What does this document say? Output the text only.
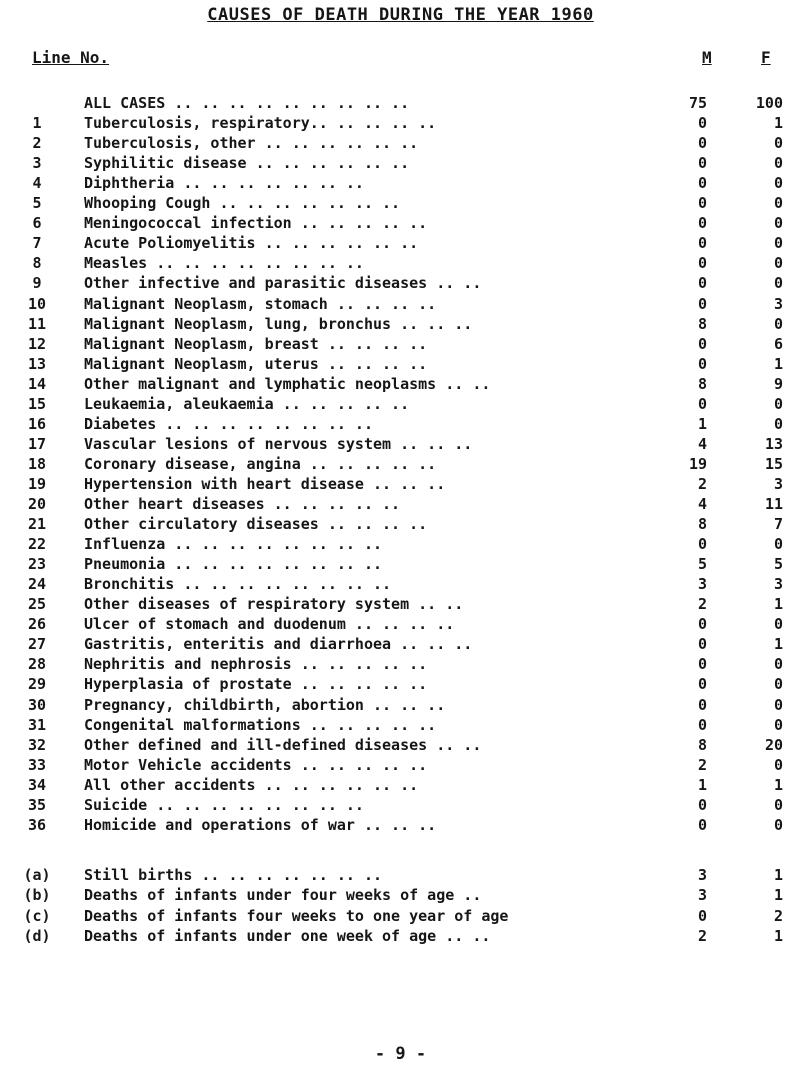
CAUSES OF DEATH DURING THE YEAR 1960
Line No.	M	F
ALL CASES .. .. .. .. .. .. .. .. ..	75	100
1	Tuberculosis, respiratory.. .. .. .. ..	0	1
2	Tuberculosis, other .. .. .. .. .. ..	0	0
3	Syphilitic disease .. .. .. .. .. ..	0	0
4	Diphtheria .. .. .. .. .. .. ..	0	0
5	Whooping Cough .. .. .. .. .. .. ..	0	0
6	Meningococcal infection .. .. .. .. ..	0	0
7	Acute Poliomyelitis .. .. .. .. .. ..	0	0
8	Measles .. .. .. .. .. .. .. ..	0	0
9	Other infective and parasitic diseases .. ..	0	0
10	Malignant Neoplasm, stomach .. .. .. ..	0	3
11	Malignant Neoplasm, lung, bronchus .. .. ..	8	0
12	Malignant Neoplasm, breast .. .. .. ..	0	6
13	Malignant Neoplasm, uterus .. .. .. ..	0	1
14	Other malignant and lymphatic neoplasms .. ..	8	9
15	Leukaemia, aleukaemia .. .. .. .. ..	0	0
16	Diabetes .. .. .. .. .. .. .. ..	1	0
17	Vascular lesions of nervous system .. .. ..	4	13
18	Coronary disease, angina .. .. .. .. ..	19	15
19	Hypertension with heart disease .. .. ..	2	3
20	Other heart diseases .. .. .. .. ..	4	11
21	Other circulatory diseases .. .. .. ..	8	7
22	Influenza .. .. .. .. .. .. .. ..	0	0
23	Pneumonia .. .. .. .. .. .. .. ..	5	5
24	Bronchitis .. .. .. .. .. .. .. ..	3	3
25	Other diseases of respiratory system .. ..	2	1
26	Ulcer of stomach and duodenum .. .. .. ..	0	0
27	Gastritis, enteritis and diarrhoea .. .. ..	0	1
28	Nephritis and nephrosis .. .. .. .. ..	0	0
29	Hyperplasia of prostate .. .. .. .. ..	0	0
30	Pregnancy, childbirth, abortion .. .. ..	0	0
31	Congenital malformations .. .. .. .. ..	0	0
32	Other defined and ill-defined diseases .. ..	8	20
33	Motor Vehicle accidents .. .. .. .. ..	2	0
34	All other accidents .. .. .. .. .. ..	1	1
35	Suicide .. .. .. .. .. .. .. ..	0	0
36	Homicide and operations of war .. .. ..	0	0
(a) Still births .. .. .. .. .. .. ..	3	1
(b) Deaths of infants under four weeks of age ..	3	1
(c) Deaths of infants four weeks to one year of age	0	2
(d) Deaths of infants under one week of age .. ..	2	1
- 9 -
